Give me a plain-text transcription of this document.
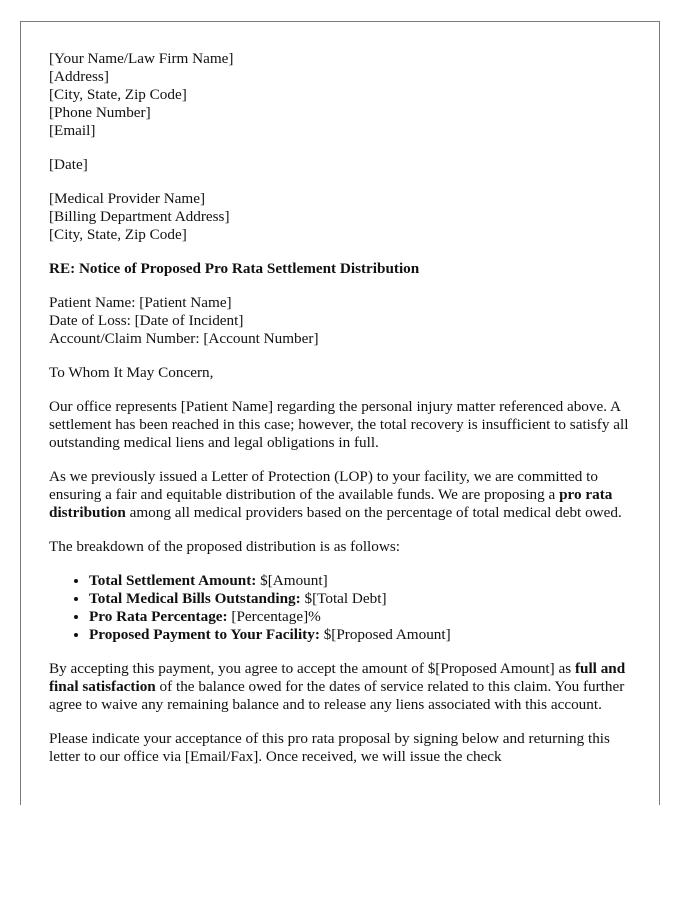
[Your Name/Law Firm Name]
[Address]
[City, State, Zip Code]
[Phone Number]
[Email]
[Date]
[Medical Provider Name]
[Billing Department Address]
[City, State, Zip Code]
RE: Notice of Proposed Pro Rata Settlement Distribution
Patient Name: [Patient Name]
Date of Loss: [Date of Incident]
Account/Claim Number: [Account Number]

To Whom It May Concern,

Our office represents [Patient Name] regarding the personal injury matter referenced above. A settlement has been reached in this case; however, the total recovery is insufficient to satisfy all outstanding medical liens and legal obligations in full.

As we previously issued a Letter of Protection (LOP) to your facility, we are committed to ensuring a fair and equitable distribution of the available funds. We are proposing a pro rata distribution among all medical providers based on the percentage of total medical debt owed.

The breakdown of the proposed distribution is as follows:

• Total Settlement Amount: $[Amount]
• Total Medical Bills Outstanding: $[Total Debt]
• Pro Rata Percentage: [Percentage]%
• Proposed Payment to Your Facility: $[Proposed Amount]

By accepting this payment, you agree to accept the amount of $[Proposed Amount] as full and final satisfaction of the balance owed for the dates of service related to this claim. You further agree to waive any remaining balance and to release any liens associated with this account.

Please indicate your acceptance of this pro rata proposal by signing below and returning this letter to our office via [Email/Fax]. Once received, we will issue the check
